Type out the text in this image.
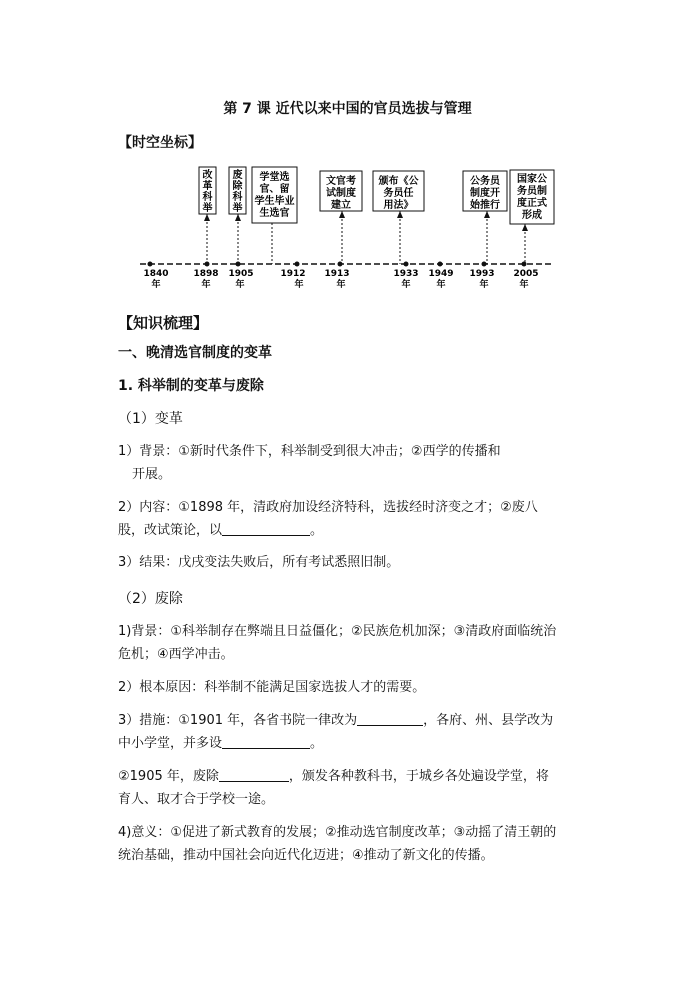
第 7 课 近代以来中国的官员选拔与管理
【时空坐标】
1840
年
1898
年
1905
年
1912
年
1913
年
1933
年
1949
年
1993
年
2005
年
改
革
科
举
废
除
科
举
学堂选
官、留
学生毕业
生选官
文官考
试制度
建立
颁布《公
务员任
用法》
公务员
制度开
始推行
国家公
务员制
度正式
形成
【知识梳理】
一、晚清选官制度的变革
1. 科举制的变革与废除
（1）变革
1）背景：①新时代条件下，科举制受到很大冲击；②西学的传播和
开展。
2）内容：①1898 年，清政府加设经济特科，选拔经时济变之才；②废八
股，改试策论，以	。
3）结果：戊戌变法失败后，所有考试悉照旧制。
（2）废除
1)背景：①科举制存在弊端且日益僵化；②民族危机加深；③清政府面临统治
危机；④西学冲击。
2）根本原因：科举制不能满足国家选拔人才的需要。
3）措施：①1901 年，各省书院一律改为	，各府、州、县学改为
中小学堂，并多设	。
②1905 年，废除	，颁发各种教科书，于城乡各处遍设学堂，将
育人、取才合于学校一途。
4)意义：①促进了新式教育的发展；②推动选官制度改革；③动摇了清王朝的
统治基础，推动中国社会向近代化迈进；④推动了新文化的传播。
